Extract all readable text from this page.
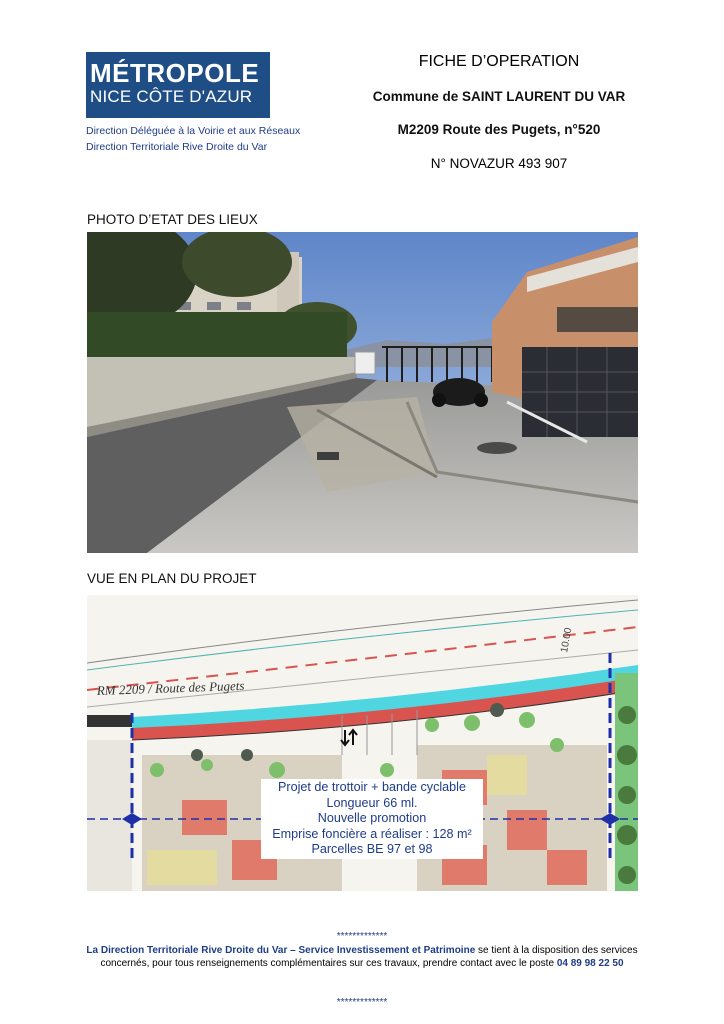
MÉTROPOLE
NICE CÔTE D'AZUR
Direction Déléguée à la Voirie et aux Réseaux
Direction Territoriale Rive Droite du Var
FICHE D’OPERATION
Commune de SAINT LAURENT DU VAR
M2209 Route des Pugets, n°520
N° NOVAZUR 493 907
PHOTO D’ETAT DES LIEUX
VUE EN PLAN DU PROJET
RM 2209 / Route des Pugets
10.00
Projet de trottoir + bande cyclable
Longueur 66 ml.
Nouvelle promotion
Emprise foncière a réaliser : 128 m²
Parcelles BE 97 et 98
*************
La Direction Territoriale Rive Droite du Var – Service Investissement et Patrimoine se tient à la disposition des services concernés, pour tous renseignements complémentaires sur ces travaux, prendre contact avec le poste 04 89 98 22 50
*************
